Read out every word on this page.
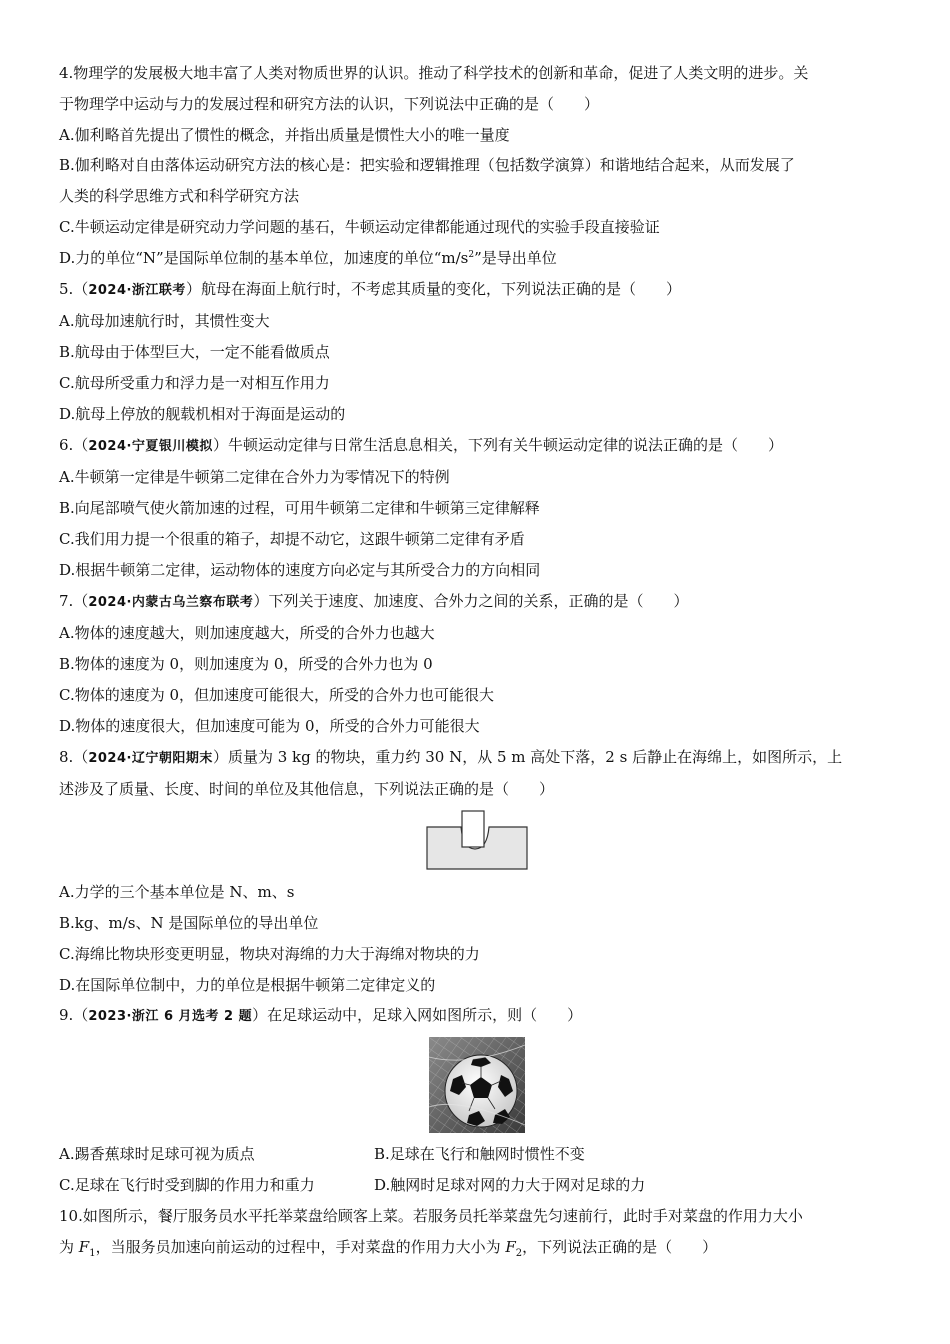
4.物理学的发展极大地丰富了人类对物质世界的认识。推动了科学技术的创新和革命，促进了人类文明的进步。关
于物理学中运动与力的发展过程和研究方法的认识，下列说法中正确的是（　　）
A.伽利略首先提出了惯性的概念，并指出质量是惯性大小的唯一量度
B.伽利略对自由落体运动研究方法的核心是：把实验和逻辑推理（包括数学演算）和谐地结合起来，从而发展了
人类的科学思维方式和科学研究方法
C.牛顿运动定律是研究动力学问题的基石，牛顿运动定律都能通过现代的实验手段直接验证
D.力的单位“N”是国际单位制的基本单位，加速度的单位“$m/s^2$”是导出单位
5.（2024·浙江联考）航母在海面上航行时，不考虑其质量的变化，下列说法正确的是（　　）
A.航母加速航行时，其惯性变大
B.航母由于体型巨大，一定不能看做质点
C.航母所受重力和浮力是一对相互作用力
D.航母上停放的舰载机相对于海面是运动的
6.（2024·宁夏银川模拟）牛顿运动定律与日常生活息息相关，下列有关牛顿运动定律的说法正确的是（　　）
A.牛顿第一定律是牛顿第二定律在合外力为零情况下的特例
B.向尾部喷气使火箭加速的过程，可用牛顿第二定律和牛顿第三定律解释
C.我们用力提一个很重的箱子，却提不动它，这跟牛顿第二定律有矛盾
D.根据牛顿第二定律，运动物体的速度方向必定与其所受合力的方向相同
7.（2024·内蒙古乌兰察布联考）下列关于速度、加速度、合外力之间的关系，正确的是（　　）
A.物体的速度越大，则加速度越大，所受的合外力也越大
B.物体的速度为 0，则加速度为 0，所受的合外力也为 0
C.物体的速度为 0，但加速度可能很大，所受的合外力也可能很大
D.物体的速度很大，但加速度可能为 0，所受的合外力可能很大
8.（2024·辽宁朝阳期末）质量为 3 kg 的物块，重力约 30 N，从 5 m 高处下落，2 s 后静止在海绵上，如图所示，上
述涉及了质量、长度、时间的单位及其他信息，下列说法正确的是（　　）
A.力学的三个基本单位是 N、m、s
B.kg、m/s、N 是国际单位的导出单位
C.海绵比物块形变更明显，物块对海绵的力大于海绵对物块的力
D.在国际单位制中，力的单位是根据牛顿第二定律定义的
9.（2023·浙江 6 月选考 2 题）在足球运动中，足球入网如图所示，则（　　）
A.踢香蕉球时足球可视为质点	B.足球在飞行和触网时惯性不变
C.足球在飞行时受到脚的作用力和重力	D.触网时足球对网的力大于网对足球的力
10.如图所示，餐厅服务员水平托举菜盘给顾客上菜。若服务员托举菜盘先匀速前行，此时手对菜盘的作用力大小
为 $F_1$，当服务员加速向前运动的过程中，手对菜盘的作用力大小为 $F_2$，下列说法正确的是（　　）
